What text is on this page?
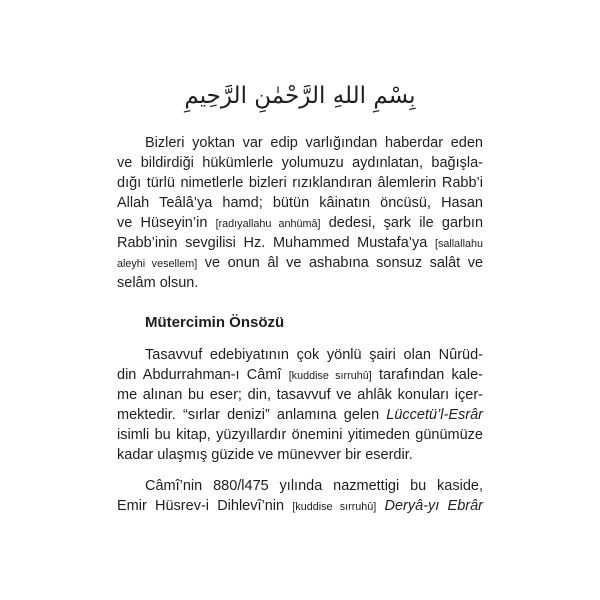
بِسْمِ اللهِ الرَّحْمٰنِ الرَّحِيمِ
Bizleri yoktan var edip varlığından haberdar eden
ve bildirdiği hükümlerle yolumuzu aydınlatan, bağışla-
dığı türlü nimetlerle bizleri rızıklandıran âlemlerin Rabb’i
Allah Teâlâ’ya hamd; bütün kâinatın öncüsü, Hasan
ve Hüseyin’in [radıyallahu anhümâ] dedesi, şark ile garbın
Rabb’inin sevgilisi Hz. Muhammed Mustafa’ya [sallallahu
aleyhi vesellem] ve onun âl ve ashabına sonsuz salât ve
selâm olsun.
Mütercimin Önsözü
Tasavvuf edebiyatının çok yönlü şairi olan Nûrüd-
din Abdurrahman-ı Câmî [kuddise sırruhû] tarafından kale-
me alınan bu eser; din, tasavvuf ve ahlâk konuları içer-
mektedir. “sırlar denizi” anlamına gelen Lüccetü’l-Esrâr
isimli bu kitap, yüzyıllardır önemini yitimeden günümüze
kadar ulaşmış güzide ve münevver bir eserdir.
Câmî’nin 880/l475 yılında nazmettigi bu kaside,
Emir Hüsrev-i Dihlevî’nin [kuddise sırruhû] Deryâ-yı Ebrâr
